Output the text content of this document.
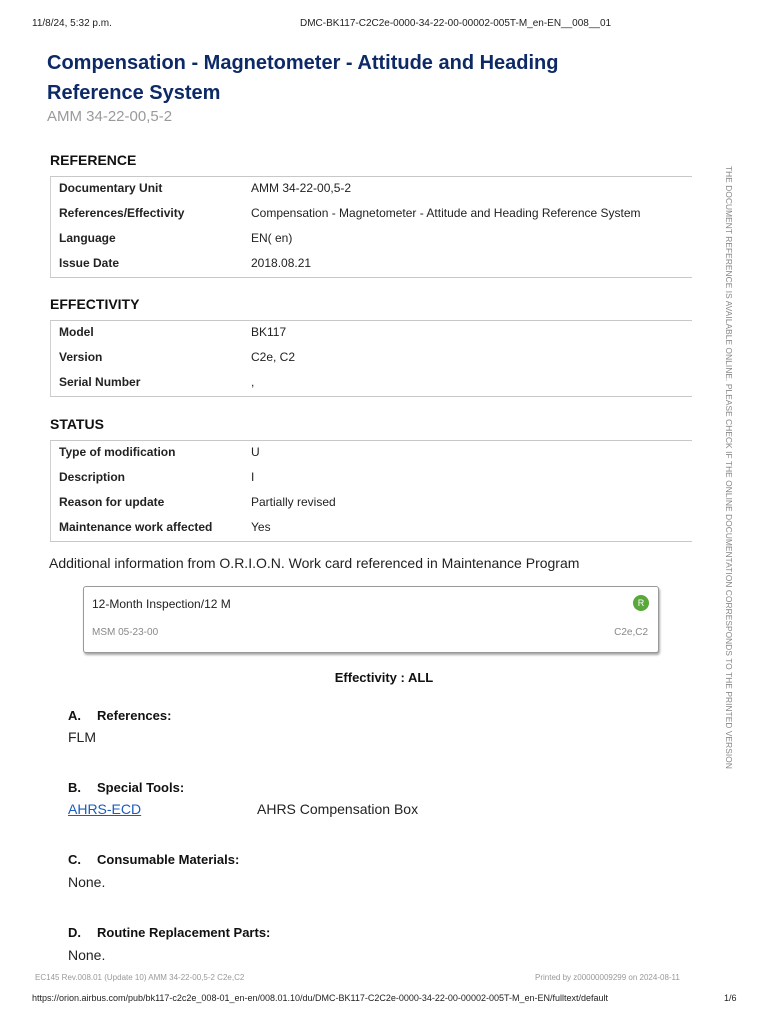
11/8/24, 5:32 p.m.	DMC-BK117-C2C2e-0000-34-22-00-00002-005T-M_en-EN__008__01
Compensation - Magnetometer - Attitude and Heading Reference System
AMM 34-22-00,5-2
REFERENCE
Documentary Unit	AMM 34-22-00,5-2
References/Effectivity	Compensation - Magnetometer - Attitude and Heading Reference System
Language	EN( en)
Issue Date	2018.08.21
EFFECTIVITY
Model	BK117
Version	C2e, C2
Serial Number	,
STATUS
Type of modification	U
Description	I
Reason for update	Partially revised
Maintenance work affected	Yes
Additional information from O.R.I.O.N. Work card referenced in Maintenance Program
12-Month Inspection/12 M	R
MSM 05-23-00	C2e,C2
Effectivity : ALL
A. References:
FLM
B. Special Tools:
AHRS-ECD	AHRS Compensation Box
C. Consumable Materials:
None.
D. Routine Replacement Parts:
None.
THE DOCUMENT REFERENCE IS AVAILABLE ONLINE. PLEASE CHECK IF THE ONLINE DOCUMENTATION CORRESPONDS TO THE PRINTED VERSION
EC145 Rev.008.01 (Update 10) AMM 34-22-00,5-2 C2e,C2	Printed by z00000009299 on 2024-08-11
https://orion.airbus.com/pub/bk117-c2c2e_008-01_en-en/008.01.10/du/DMC-BK117-C2C2e-0000-34-22-00-00002-005T-M_en-EN/fulltext/default	1/6
